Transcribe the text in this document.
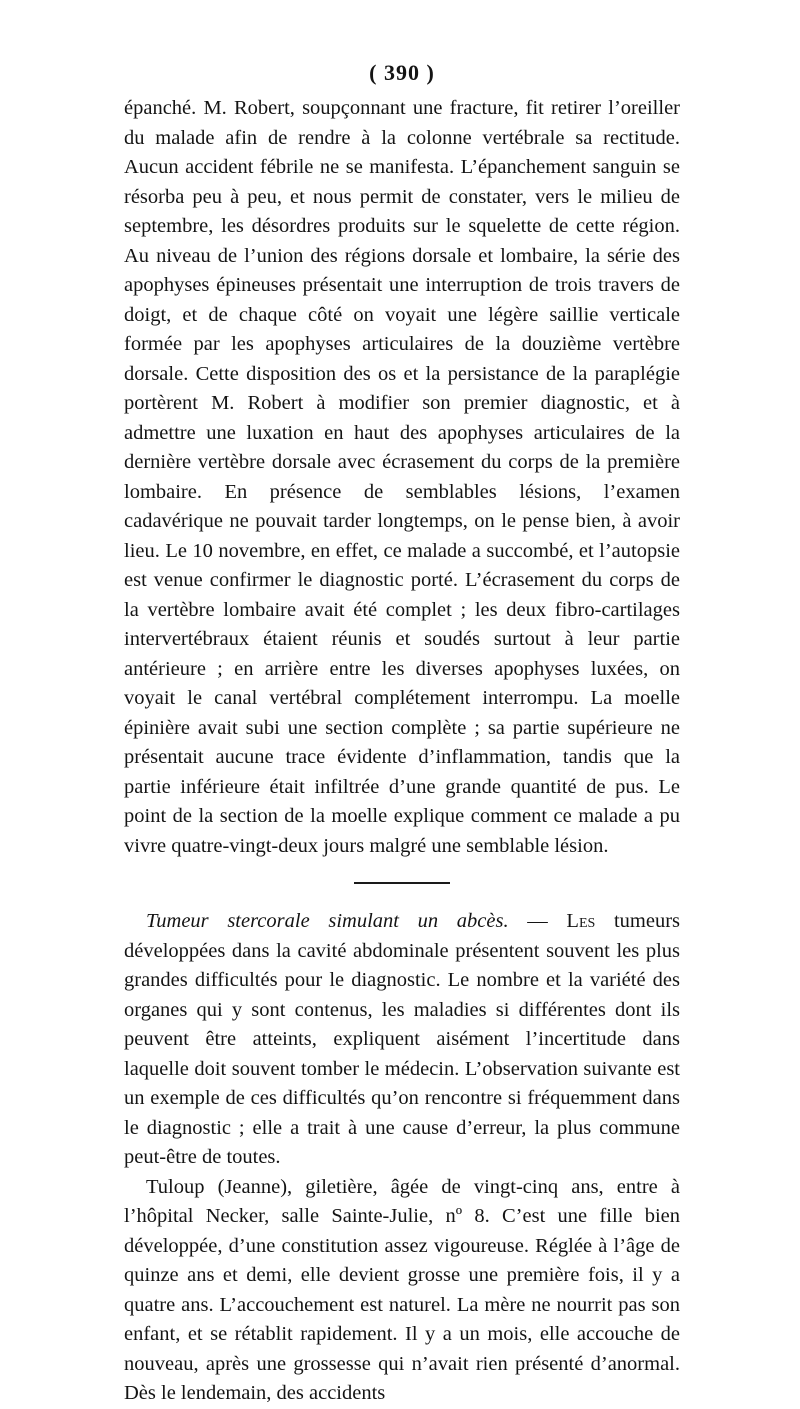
( 390 )

épanché. M. Robert, soupçonnant une fracture, fit retirer l’oreiller du malade afin de rendre à la colonne vertébrale sa rectitude. Aucun accident fébrile ne se manifesta. L’épanchement sanguin se résorba peu à peu, et nous permit de constater, vers le milieu de septembre, les désordres produits sur le squelette de cette région. Au niveau de l’union des régions dorsale et lombaire, la série des apophyses épineuses présentait une interruption de trois travers de doigt, et de chaque côté on voyait une légère saillie verticale formée par les apophyses articulaires de la douzième vertèbre dorsale. Cette disposition des os et la persistance de la paraplégie portèrent M. Robert à modifier son premier diagnostic, et à admettre une luxation en haut des apophyses articulaires de la dernière vertèbre dorsale avec écrasement du corps de la première lombaire. En présence de semblables lésions, l’examen cadavérique ne pouvait tarder longtemps, on le pense bien, à avoir lieu. Le 10 novembre, en effet, ce malade a succombé, et l’autopsie est venue confirmer le diagnostic porté. L’écrasement du corps de la vertèbre lombaire avait été complet ; les deux fibro-cartilages intervertébraux étaient réunis et soudés surtout à leur partie antérieure ; en arrière entre les diverses apophyses luxées, on voyait le canal vertébral complétement interrompu. La moelle épinière avait subi une section complète ; sa partie supérieure ne présentait aucune trace évidente d’inflammation, tandis que la partie inférieure était infiltrée d’une grande quantité de pus. Le point de la section de la moelle explique comment ce malade a pu vivre quatre-vingt-deux jours malgré une semblable lésion.

Tumeur stercorale simulant un abcès. — Les tumeurs développées dans la cavité abdominale présentent souvent les plus grandes difficultés pour le diagnostic. Le nombre et la variété des organes qui y sont contenus, les maladies si différentes dont ils peuvent être atteints, expliquent aisément l’incertitude dans laquelle doit souvent tomber le médecin. L’observation suivante est un exemple de ces difficultés qu’on rencontre si fréquemment dans le diagnostic ; elle a trait à une cause d’erreur, la plus commune peut-être de toutes.

Tuloup (Jeanne), giletière, âgée de vingt-cinq ans, entre à l’hôpital Necker, salle Sainte-Julie, nº 8. C’est une fille bien développée, d’une constitution assez vigoureuse. Réglée à l’âge de quinze ans et demi, elle devient grosse une première fois, il y a quatre ans. L’accouchement est naturel. La mère ne nourrit pas son enfant, et se rétablit rapidement. Il y a un mois, elle accouche de nouveau, après une grossesse qui n’avait rien présenté d’anormal. Dès le lendemain, des accidents
